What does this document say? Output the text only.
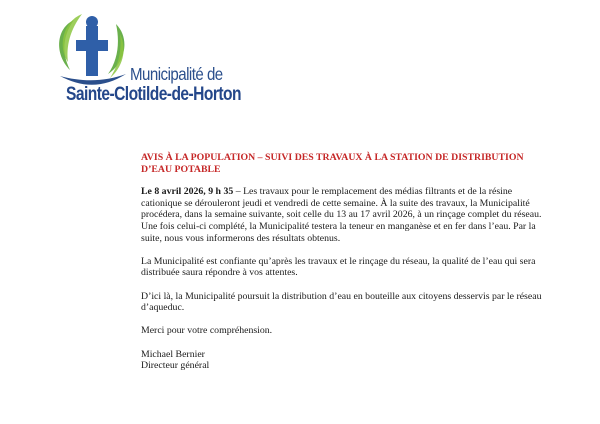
Municipalité de
Sainte-Clotilde-de-Horton

AVIS À LA POPULATION – SUIVI DES TRAVAUX À LA STATION DE DISTRIBUTION D’EAU POTABLE

Le 8 avril 2026, 9 h 35 – Les travaux pour le remplacement des médias filtrants et de la résine cationique se dérouleront jeudi et vendredi de cette semaine. À la suite des travaux, la Municipalité procédera, dans la semaine suivante, soit celle du 13 au 17 avril 2026, à un rinçage complet du réseau. Une fois celui-ci complété, la Municipalité testera la teneur en manganèse et en fer dans l’eau. Par la suite, nous vous informerons des résultats obtenus.

La Municipalité est confiante qu’après les travaux et le rinçage du réseau, la qualité de l’eau qui sera distribuée saura répondre à vos attentes.

D’ici là, la Municipalité poursuit la distribution d’eau en bouteille aux citoyens desservis par le réseau d’aqueduc.

Merci pour votre compréhension.

Michael Bernier

Directeur général
